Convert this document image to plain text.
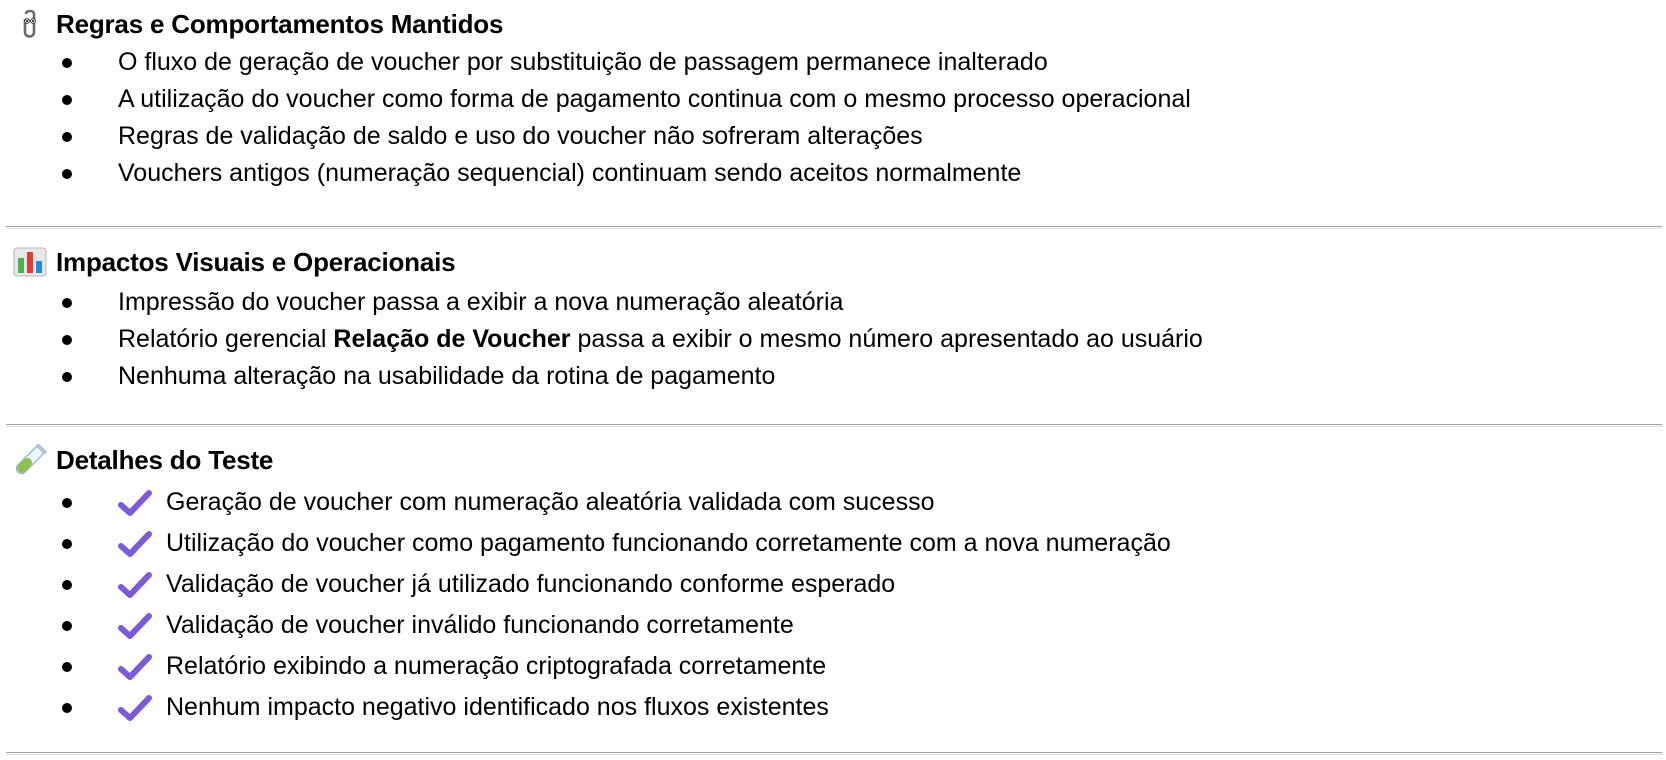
Regras e Comportamentos Mantidos
O fluxo de geração de voucher por substituição de passagem permanece inalterado
A utilização do voucher como forma de pagamento continua com o mesmo processo operacional
Regras de validação de saldo e uso do voucher não sofreram alterações
Vouchers antigos (numeração sequencial) continuam sendo aceitos normalmente
Impactos Visuais e Operacionais
Impressão do voucher passa a exibir a nova numeração aleatória
Relatório gerencial Relação de Voucher passa a exibir o mesmo número apresentado ao usuário
Nenhuma alteração na usabilidade da rotina de pagamento
Detalhes do Teste
Geração de voucher com numeração aleatória validada com sucesso
Utilização do voucher como pagamento funcionando corretamente com a nova numeração
Validação de voucher já utilizado funcionando conforme esperado
Validação de voucher inválido funcionando corretamente
Relatório exibindo a numeração criptografada corretamente
Nenhum impacto negativo identificado nos fluxos existentes
